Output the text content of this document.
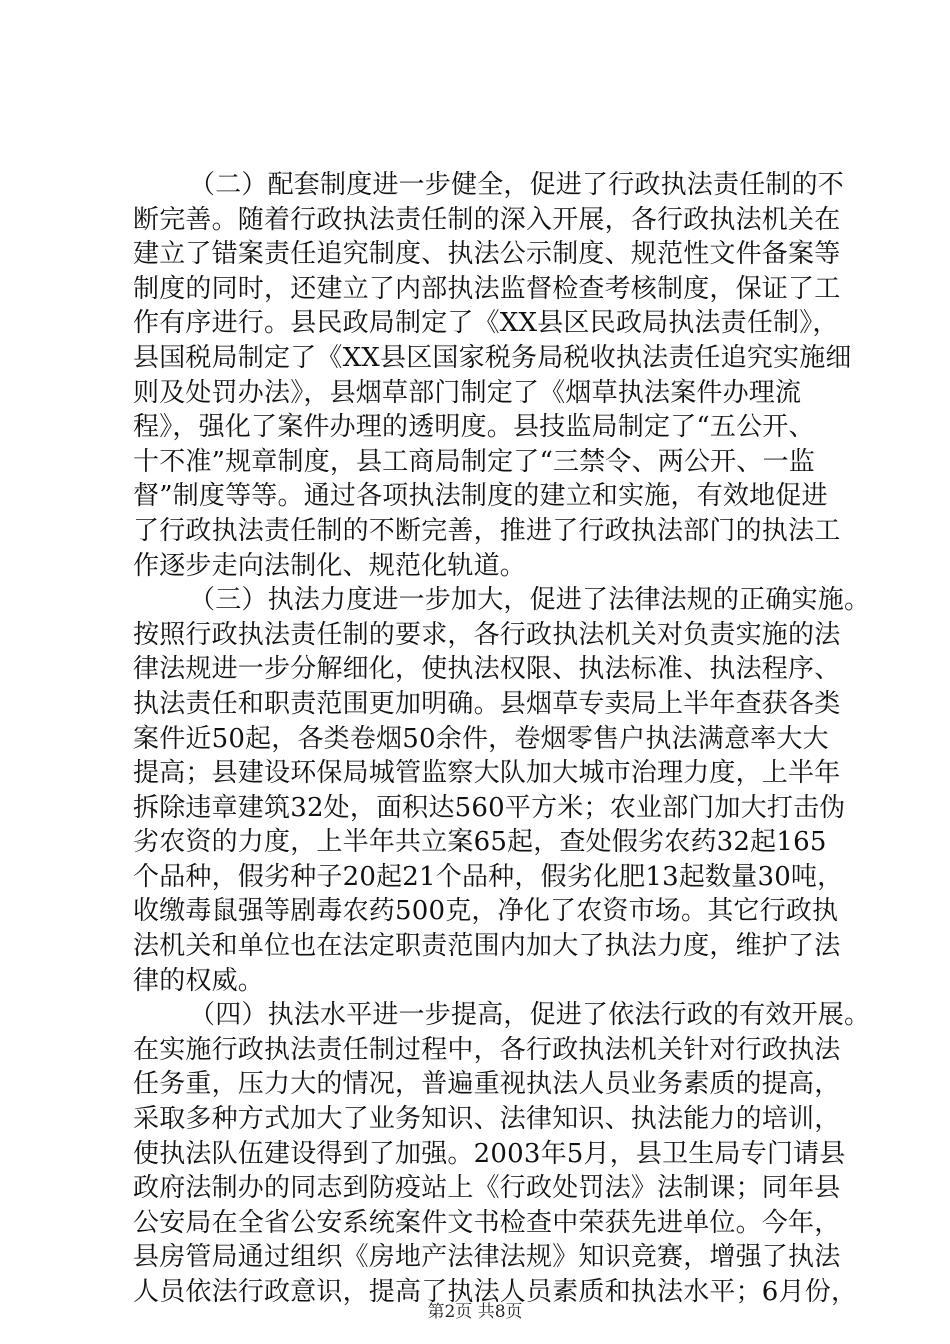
（二）配套制度进一步健全，促进了行政执法责任制的不
断完善。随着行政执法责任制的深入开展，各行政执法机关在
建立了错案责任追究制度、执法公示制度、规范性文件备案等
制度的同时，还建立了内部执法监督检查考核制度，保证了工
作有序进行。县民政局制定了《XX县区民政局执法责任制》，
县国税局制定了《XX县区国家税务局税收执法责任追究实施细
则及处罚办法》，县烟草部门制定了《烟草执法案件办理流
程》，强化了案件办理的透明度。县技监局制定了“五公开、
十不准”规章制度，县工商局制定了“三禁令、两公开、一监
督”制度等等。通过各项执法制度的建立和实施，有效地促进
了行政执法责任制的不断完善，推进了行政执法部门的执法工
作逐步走向法制化、规范化轨道。
（三）执法力度进一步加大，促进了法律法规的正确实施。
按照行政执法责任制的要求，各行政执法机关对负责实施的法
律法规进一步分解细化，使执法权限、执法标准、执法程序、
执法责任和职责范围更加明确。县烟草专卖局上半年查获各类
案件近50起，各类卷烟50余件，卷烟零售户执法满意率大大
提高；县建设环保局城管监察大队加大城市治理力度，上半年
拆除违章建筑32处，面积达560平方米；农业部门加大打击伪
劣农资的力度，上半年共立案65起，查处假劣农药32起165
个品种，假劣种子20起21个品种，假劣化肥13起数量30吨，
收缴毒鼠强等剧毒农药500克，净化了农资市场。其它行政执
法机关和单位也在法定职责范围内加大了执法力度，维护了法
律的权威。
（四）执法水平进一步提高，促进了依法行政的有效开展。
在实施行政执法责任制过程中，各行政执法机关针对行政执法
任务重，压力大的情况，普遍重视执法人员业务素质的提高，
采取多种方式加大了业务知识、法律知识、执法能力的培训，
使执法队伍建设得到了加强。2003年5月，县卫生局专门请县
政府法制办的同志到防疫站上《行政处罚法》法制课；同年县
公安局在全省公安系统案件文书检查中荣获先进单位。今年，
县房管局通过组织《房地产法律法规》知识竞赛，增强了执法
人员依法行政意识，提高了执法人员素质和执法水平；6月份，
第2页 共8页
